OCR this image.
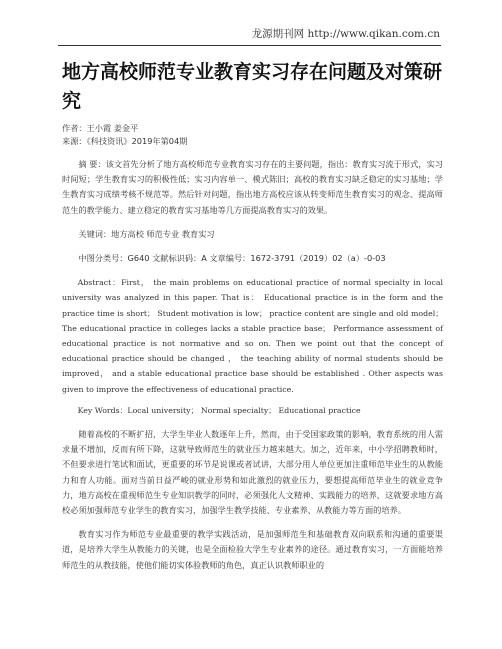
龙源期刊网 http://www.qikan.com.cn
地方高校师范专业教育实习存在问题及对策研究

作者：王小霞 姜金平

来源：《科技资讯》2019年第04期

摘 要：该文首先分析了地方高校师范专业教育实习存在的主要问题，指出：教育实习流于形式，实习时间短；学生教育实习的积极性低；实习内容单一、模式陈旧；高校的教育实习缺乏稳定的实习基地；学生教育实习成绩考核不规范等。然后针对问题，指出地方高校应该从转变师范生教育实习的观念、提高师范生的教学能力、建立稳定的教育实习基地等几方面提高教育实习的效果。

关键词：地方高校 师范专业 教育实习

中图分类号：G640 文献标识码：A 文章编号：1672-3791（2019）02（a）-0-03

Abstract：First， the main problems on educational practice of normal specialty in local university was analyzed in this paper. That is： Educational practice is in the form and the practice time is short； Student motivation is low； practice content are single and old model； The educational practice in colleges lacks a stable practice base； Performance assessment of educational practice is not normative and so on. Then we point out that the concept of educational practice should be changed ， the teaching ability of normal students should be improved， and a stable educational practice base should be established . Other aspects was given to improve the effectiveness of educational practice.

Key Words：Local university； Normal specialty； Educational practice

随着高校的不断扩招，大学生毕业人数逐年上升，然而，由于受国家政策的影响，教育系统的用人需求量不增加，反而有所下降，这就导致师范生的就业压力越来越大。加之，近年来，中小学招聘教师时，不但要求进行笔试和面试，更重要的环节是说课或者试讲，大部分用人单位更加注重师范毕业生的从教能力和育人功能。面对当前日益严峻的就业形势和如此激烈的就业压力，要想提高师范毕业生的就业竞争力，地方高校在重视师范生专业知识教学的同时，必须强化人文精神、实践能力的培养，这就要求地方高校必须加强师范专业学生的教育实习，加强学生教学技能、专业素养、从教能力等方面的培养。

教育实习作为师范专业最重要的教学实践活动，是加强师范生和基础教育双向联系和沟通的重要渠道，是培养大学生从教能力的关键，也是全面检验大学生专业素养的途径。通过教育实习，一方面能培养师范生的从教技能，使他们能切实体验教师的角色，真正认识教师职业的
